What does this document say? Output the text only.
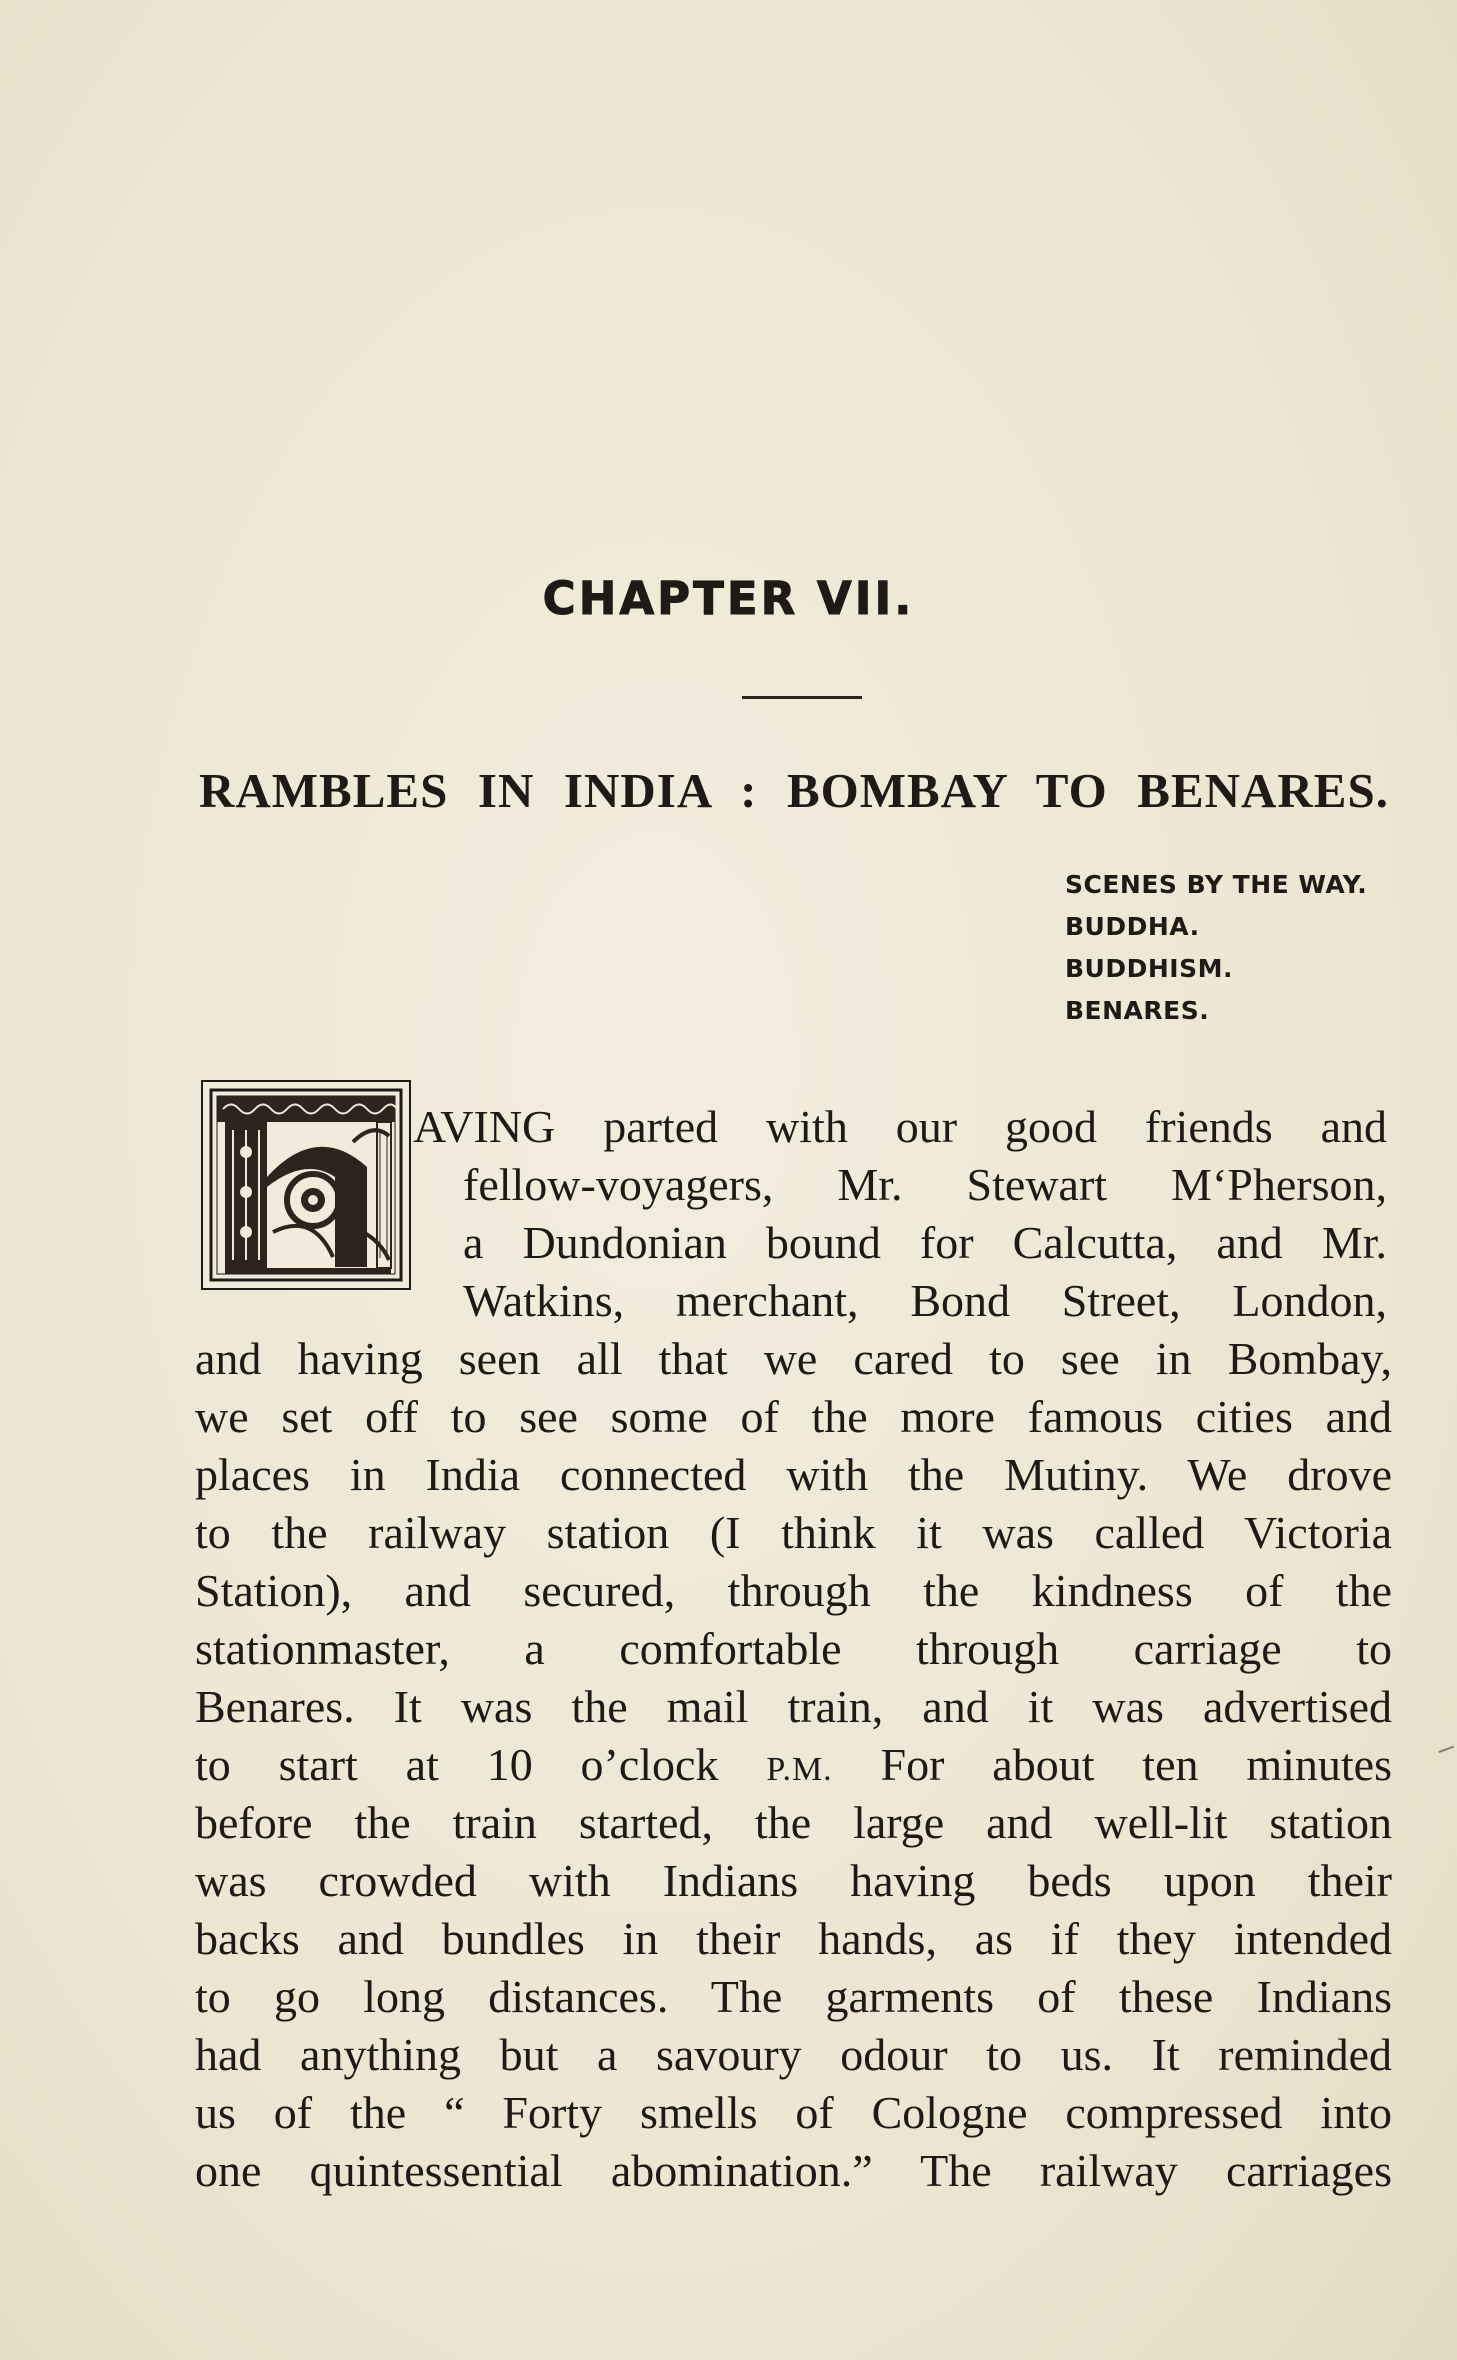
CHAPTER VII.
RAMBLES IN INDIA : BOMBAY TO BENARES.
SCENES BY THE WAY.
BUDDHA.
BUDDHISM.
BENARES.

AVING parted with our good friends and

fellow-voyagers, Mr. Stewart M‘Pherson,

a Dundonian bound for Calcutta, and Mr.

Watkins, merchant, Bond Street, London,

and having seen all that we cared to see in Bombay,

we set off to see some of the more famous cities and

places in India connected with the Mutiny. We drove

to the railway station (I think it was called Victoria

Station), and secured, through the kindness of the

stationmaster, a comfortable through carriage to

Benares. It was the mail train, and it was advertised

to start at 10 o’clock P.M. For about ten minutes

before the train started, the large and well-lit station

was crowded with Indians having beds upon their

backs and bundles in their hands, as if they intended

to go long distances. The garments of these Indians

had anything but a savoury odour to us. It reminded

us of the “ Forty smells of Cologne compressed into

one quintessential abomination.” The railway carriages
